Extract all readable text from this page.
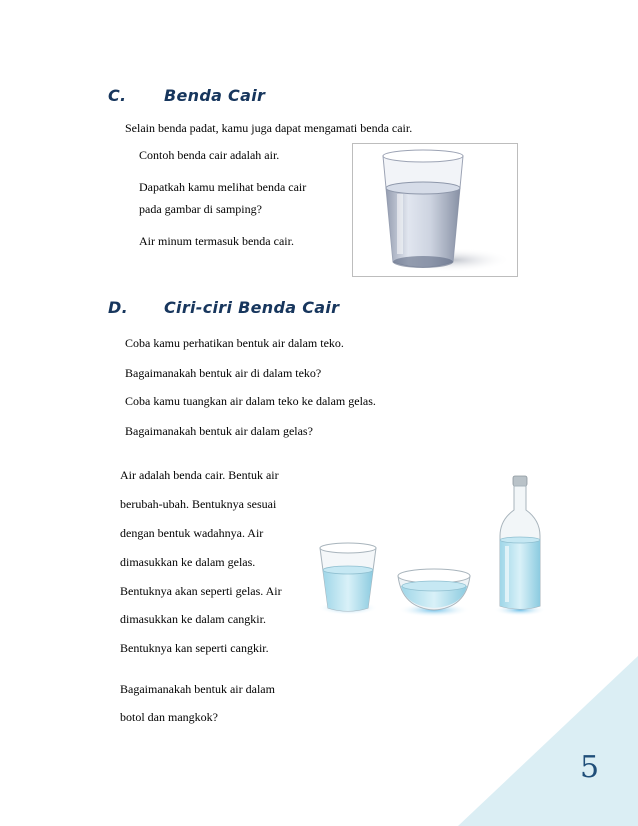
C. Benda Cair
Selain benda padat, kamu juga dapat mengamati benda cair.
Contoh benda cair adalah air.
Dapatkah kamu melihat benda cair
pada gambar di samping?
Air minum termasuk benda cair.
D. Ciri-ciri Benda Cair
Coba kamu perhatikan bentuk air dalam teko.
Bagaimanakah bentuk air di dalam teko?
Coba kamu tuangkan air dalam teko ke dalam gelas.
Bagaimanakah bentuk air dalam gelas?
Air adalah benda cair. Bentuk air
berubah-ubah. Bentuknya sesuai
dengan bentuk wadahnya. Air
dimasukkan ke dalam gelas.
Bentuknya akan seperti gelas. Air
dimasukkan ke dalam cangkir.
Bentuknya kan seperti cangkir.
Bagaimanakah bentuk air dalam
botol dan mangkok?
5
